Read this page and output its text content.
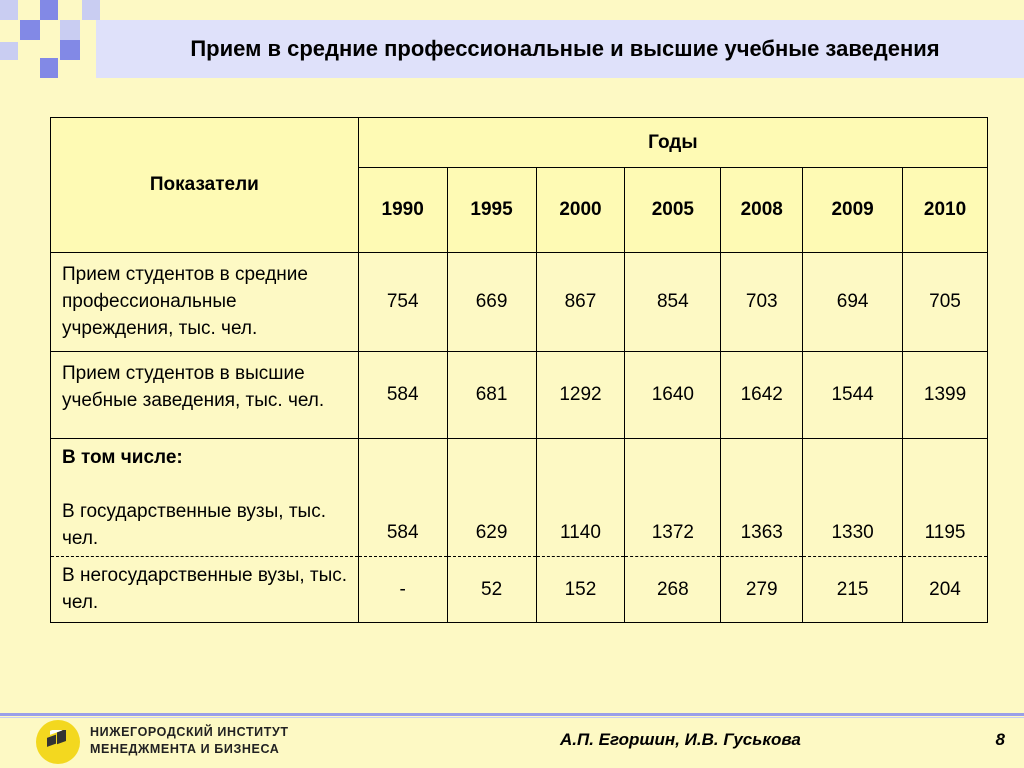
Прием в средние профессиональные и высшие учебные заведения
Показатели	Годы						
	1990	1995	2000	2005	2008	2009	2010
Прием студентов в средние профессиональные учреждения, тыс. чел.	754	669	867	854	703	694	705
Прием студентов в высшие учебные заведения, тыс. чел.	584	681	1292	1640	1642	1544	1399

В том числе:
В государственные вузы, тыс. чел.	584	629	1140	1372	1363	1330	1195
В негосударственные вузы, тыс. чел.	-	52	152	268	279	215	204
НИЖЕГОРОДСКИЙ ИНСТИТУТ
МЕНЕДЖМЕНТА И БИЗНЕСА	А.П. Егоршин, И.В. Гуськова	8
